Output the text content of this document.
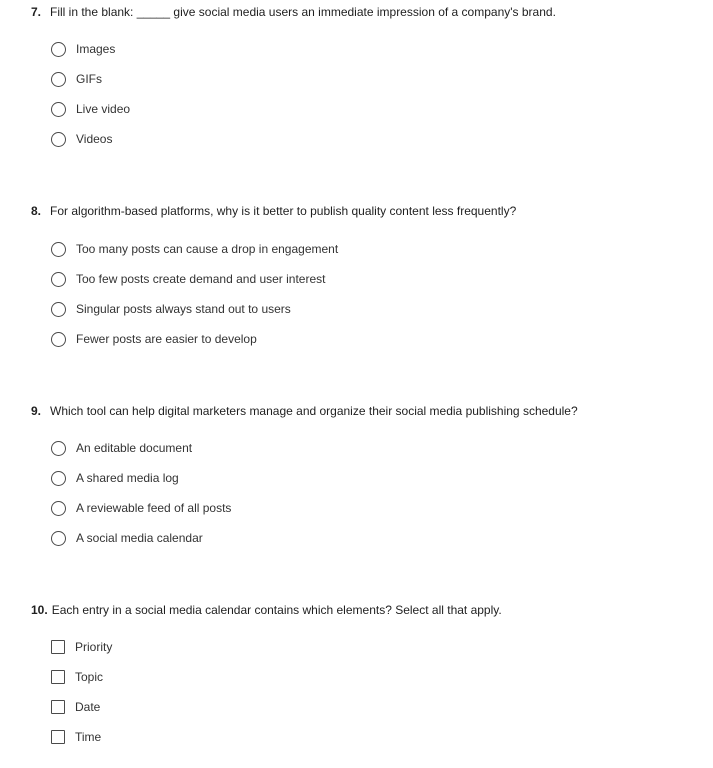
7. Fill in the blank: _____ give social media users an immediate impression of a company's brand.
Images
GIFs
Live video
Videos
8. For algorithm-based platforms, why is it better to publish quality content less frequently?
Too many posts can cause a drop in engagement
Too few posts create demand and user interest
Singular posts always stand out to users
Fewer posts are easier to develop
9. Which tool can help digital marketers manage and organize their social media publishing schedule?
An editable document
A shared media log
A reviewable feed of all posts
A social media calendar
10. Each entry in a social media calendar contains which elements? Select all that apply.
Priority
Topic
Date
Time
